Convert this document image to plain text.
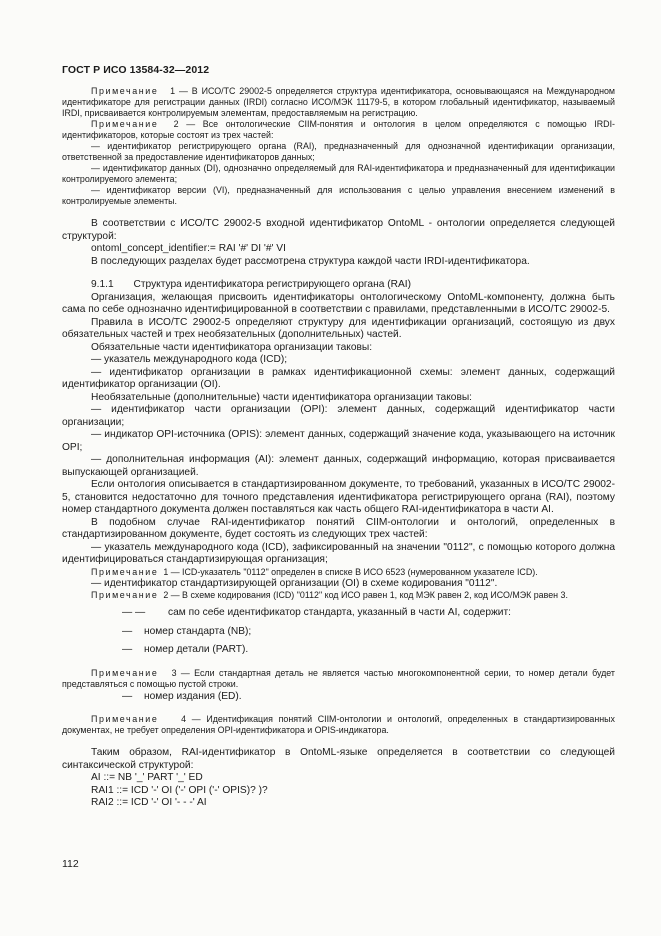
ГОСТ Р ИСО 13584-32—2012

Примечание 1 — В ИСО/ТС 29002-5 определяется структура идентификатора, основывающаяся на Международном идентификаторе для регистрации данных (IRDI) согласно ИСО/МЭК 11179-5, в котором глобальный идентификатор, называемый IRDI, присваивается контролируемым элементам, предоставляемым на регистрацию.

Примечание 2 — Все онтологические CIIM-понятия и онтология в целом определяются с помощью IRDI-идентификаторов, которые состоят из трех частей:

— идентификатор регистрирующего органа (RAI), предназначенный для однозначной идентификации организации, ответственной за предоставление идентификаторов данных;

— идентификатор данных (DI), однозначно определяемый для RAI-идентификатора и предназначенный для идентификации контролируемого элемента;

— идентификатор версии (VI), предназначенный для использования с целью управления внесением изменений в контролируемые элементы.

В соответствии с ИСО/ТС 29002-5 входной идентификатор OntoML - онтологии определяется следующей структурой:

ontoml_concept_identifier:= RAI '#' DI '#' VI

В последующих разделах будет рассмотрена структура каждой части IRDI-идентификатора.

9.1.1 Структура идентификатора регистрирующего органа (RAI)

Организация, желающая присвоить идентификаторы онтологическому OntoML-компоненту, должна быть сама по себе однозначно идентифицированной в соответствии с правилами, представленными в ИСО/ТС 29002-5.

Правила в ИСО/ТС 29002-5 определяют структуру для идентификации организаций, состоящую из двух обязательных частей и трех необязательных (дополнительных) частей.

Обязательные части идентификатора организации таковы:

— указатель международного кода (ICD);

— идентификатор организации в рамках идентификационной схемы: элемент данных, содержащий идентификатор организации (OI).

Необязательные (дополнительные) части идентификатора организации таковы:

— идентификатор части организации (OPI): элемент данных, содержащий идентификатор части организации;

— индикатор OPI-источника (OPIS): элемент данных, содержащий значение кода, указывающего на источник OPI;

— дополнительная информация (AI): элемент данных, содержащий информацию, которая присваивается выпускающей организацией.

Если онтология описывается в стандартизированном документе, то требований, указанных в ИСО/ТС 29002-5, становится недостаточно для точного представления идентификатора регистрирующего органа (RAI), поэтому номер стандартного документа должен поставляться как часть общего RAI-идентификатора в части AI.

В подобном случае RAI-идентификатор понятий CIIM-онтологии и онтологий, определенных в стандартизированном документе, будет состоять из следующих трех частей:

— указатель международного кода (ICD), зафиксированный на значении "0112", с помощью которого должна идентифицироваться стандартизирующая организация;

Примечание 1 — ICD-указатель "0112" определен в списке В ИСО 6523 (нумерованном указателе ICD).

— идентификатор стандартизирующей организации (OI) в схеме кодирования "0112".

Примечание 2 — В схеме кодирования (ICD) "0112" код ИСО равен 1, код МЭК равен 2, код ИСО/МЭК равен 3.

— — сам по себе идентификатор стандарта, указанный в части AI, содержит:
— номер стандарта (NB);
— номер детали (PART).

Примечание 3 — Если стандартная деталь не является частью многокомпонентной серии, то номер детали будет представляться с помощью пустой строки.

— номер издания (ED).

Примечание	4 — Идентификация понятий CIIM-онтологии и онтологий, определенных в стандартизированных документах, не требует определения OPI-идентификатора и OPIS-индикатора.

Таким образом, RAI-идентификатор в OntoML-языке определяется в соответствии со следующей синтаксической структурой:

AI ::= NB '_' PART '_' ED
RAI1 ::= ICD '-' OI ('-' OPI ('-' OPIS)? )?
RAI2 ::= ICD '-' OI '- - -' AI
112
